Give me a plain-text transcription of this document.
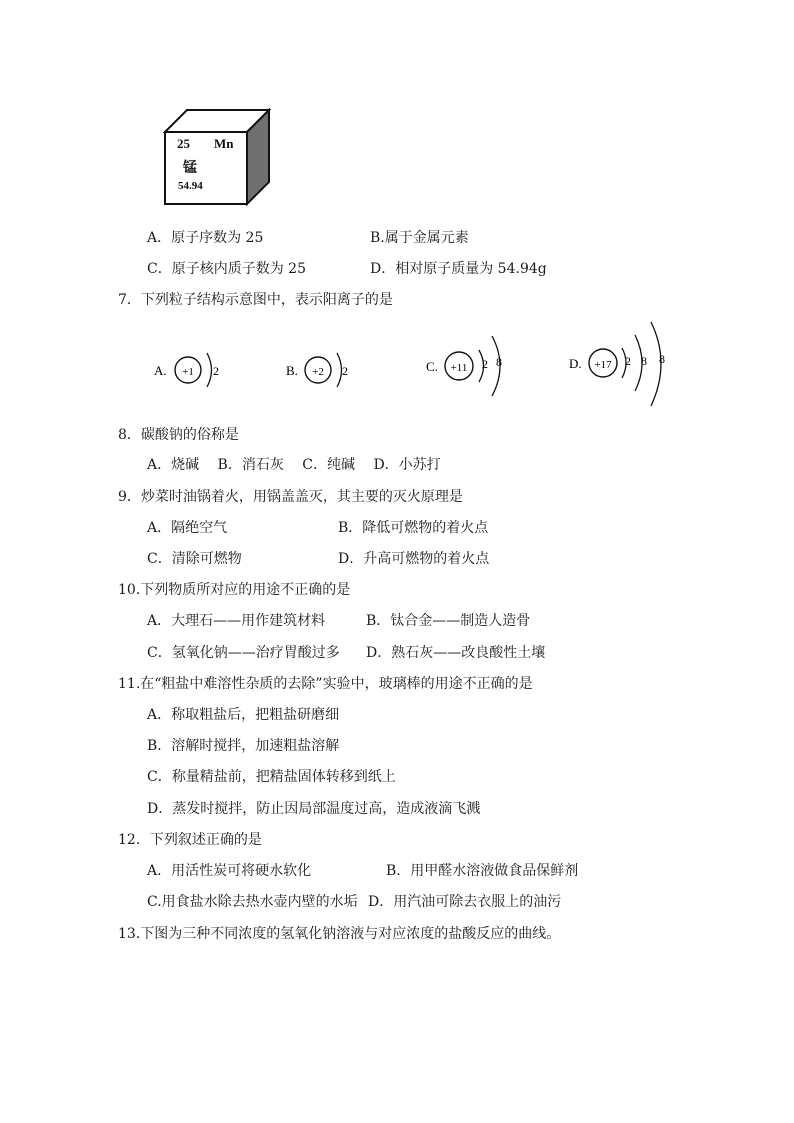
25 Mn
锰
54.94
A．原子序数为 25	B.属于金属元素
C．原子核内质子数为 25	D．相对原子质量为 54.94g
7．下列粒子结构示意图中，表示阳离子的是
A. +1 2	B. +2 2	C. +11 2 8	D. +17 2 8 8
8．碳酸钠的俗称是
A．烧碱　 B．消石灰　 C．纯碱　 D．小苏打
9．炒菜时油锅着火，用锅盖盖灭，其主要的灭火原理是
A．隔绝空气	B．降低可燃物的着火点
C．清除可燃物	D．升高可燃物的着火点
10.下列物质所对应的用途不正确的是
A．大理石——用作建筑材料	B．钛合金——制造人造骨
C．氢氧化钠——治疗胃酸过多 D．熟石灰——改良酸性土壤
11.在“粗盐中难溶性杂质的去除”实验中，玻璃棒的用途不正确的是
A．称取粗盐后，把粗盐研磨细
B．溶解时搅拌，加速粗盐溶解
C．称量精盐前，把精盐固体转移到纸上
D．蒸发时搅拌，防止因局部温度过高，造成液滴飞溅
12．下列叙述正确的是
A．用活性炭可将硬水软化	B．用甲醛水溶液做食品保鲜剂
C.用食盐水除去热水壶内壁的水垢 D．用汽油可除去衣服上的油污
13.下图为三种不同浓度的氢氧化钠溶液与对应浓度的盐酸反应的曲线。
